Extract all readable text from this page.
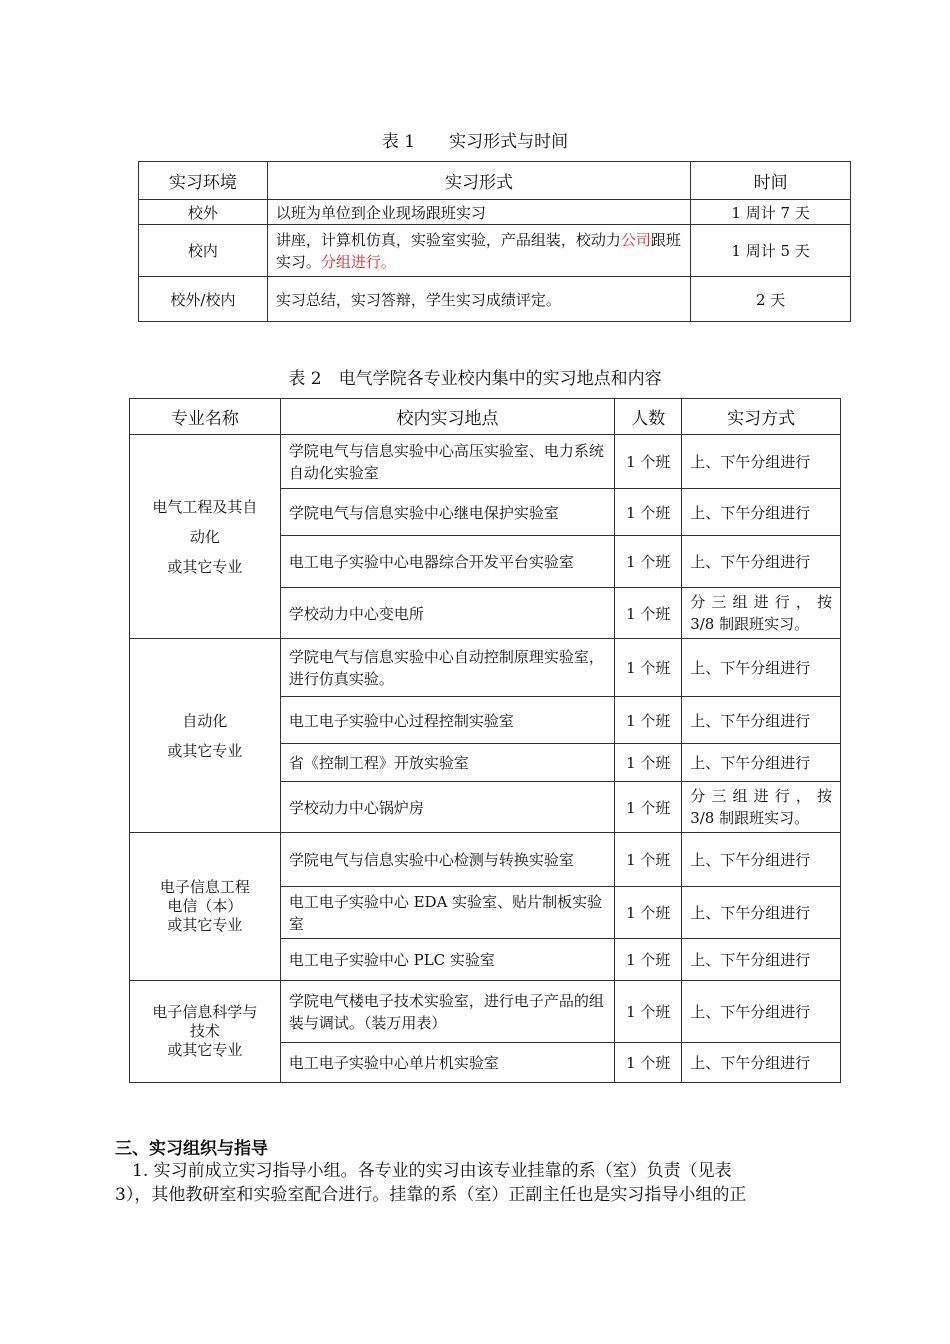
表 1　　实习形式与时间
实习环境	实习形式	时间
校外	以班为单位到企业现场跟班实习	1 周计 7 天
校内	讲座，计算机仿真，实验室实验，产品组装，校动力公司跟班实习。分组进行。	1 周计 5 天
校外/校内	实习总结，实习答辩，学生实习成绩评定。	2 天
表 2　电气学院各专业校内集中的实习地点和内容
专业名称	校内实习地点	人数	实习方式

电气工程及其自
动化
或其它专业	学院电气与信息实验中心高压实验室、电力系统自动化实验室	1 个班	上、下午分组进行
	学院电气与信息实验中心继电保护实验室	1 个班	上、下午分组进行
	电工电子实验中心电器综合开发平台实验室	1 个班	上、下午分组进行
	学校动力中心变电所	1 个班	分三组进行，按
3/8 制跟班实习。

自动化
或其它专业	学院电气与信息实验中心自动控制原理实验室，进行仿真实验。	1 个班	上、下午分组进行
	电工电子实验中心过程控制实验室	1 个班	上、下午分组进行
	省《控制工程》开放实验室	1 个班	上、下午分组进行
	学校动力中心锅炉房	1 个班	分三组进行，按
3/8 制跟班实习。

电子信息工程
电信（本）
或其它专业	学院电气与信息实验中心检测与转换实验室	1 个班	上、下午分组进行
	电工电子实验中心 EDA 实验室、贴片制板实验室	1 个班	上、下午分组进行
	电工电子实验中心 PLC 实验室	1 个班	上、下午分组进行

电子信息科学与
技术
或其它专业	学院电气楼电子技术实验室，进行电子产品的组装与调试。（装万用表）	1 个班	上、下午分组进行
	电工电子实验中心单片机实验室	1 个班	上、下午分组进行
三、实习组织与指导
　1. 实习前成立实习指导小组。各专业的实习由该专业挂靠的系（室）负责（见表
3），其他教研室和实验室配合进行。挂靠的系（室）正副主任也是实习指导小组的正
